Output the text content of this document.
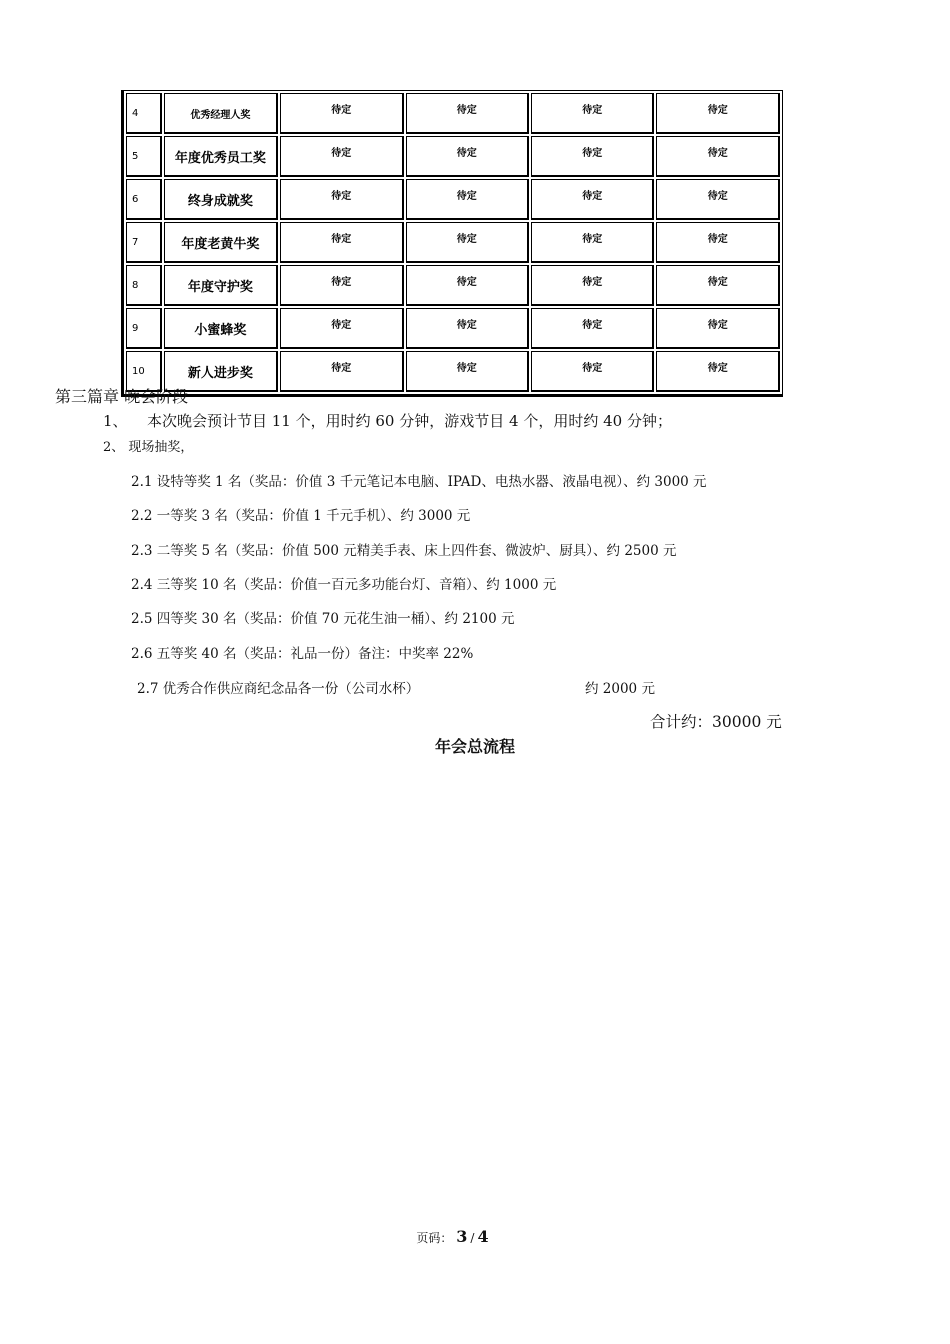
4	优秀经理人奖	待定	待定	待定	待定
5	年度优秀员工奖	待定	待定	待定	待定
6	终身成就奖	待定	待定	待定	待定
7	年度老黄牛奖	待定	待定	待定	待定
8	年度守护奖	待定	待定	待定	待定
9	小蜜蜂奖	待定	待定	待定	待定
10	新人进步奖	待定	待定	待定	待定
第三篇章 晚会阶段
1、 本次晚会预计节目 11 个，用时约 60 分钟，游戏节目 4 个，用时约 40 分钟；
2、 现场抽奖，
2.1 设特等奖 1 名（奖品：价值 3 千元笔记本电脑、IPAD、电热水器、液晶电视）、约 3000 元
2.2 一等奖 3 名（奖品：价值 1 千元手机）、约 3000 元
2.3 二等奖 5 名（奖品：价值 500 元精美手表、床上四件套、微波炉、厨具）、约 2500 元
2.4 三等奖 10 名（奖品：价值一百元多功能台灯、音箱）、约 1000 元
2.5 四等奖 30 名（奖品：价值 70 元花生油一桶）、约 2100 元
2.6 五等奖 40 名（奖品：礼品一份）备注：中奖率 22%
2.7 优秀合作供应商纪念品各一份（公司水杯）	约 2000 元
合计约：30000 元
年会总流程
页码： 3 / 4
